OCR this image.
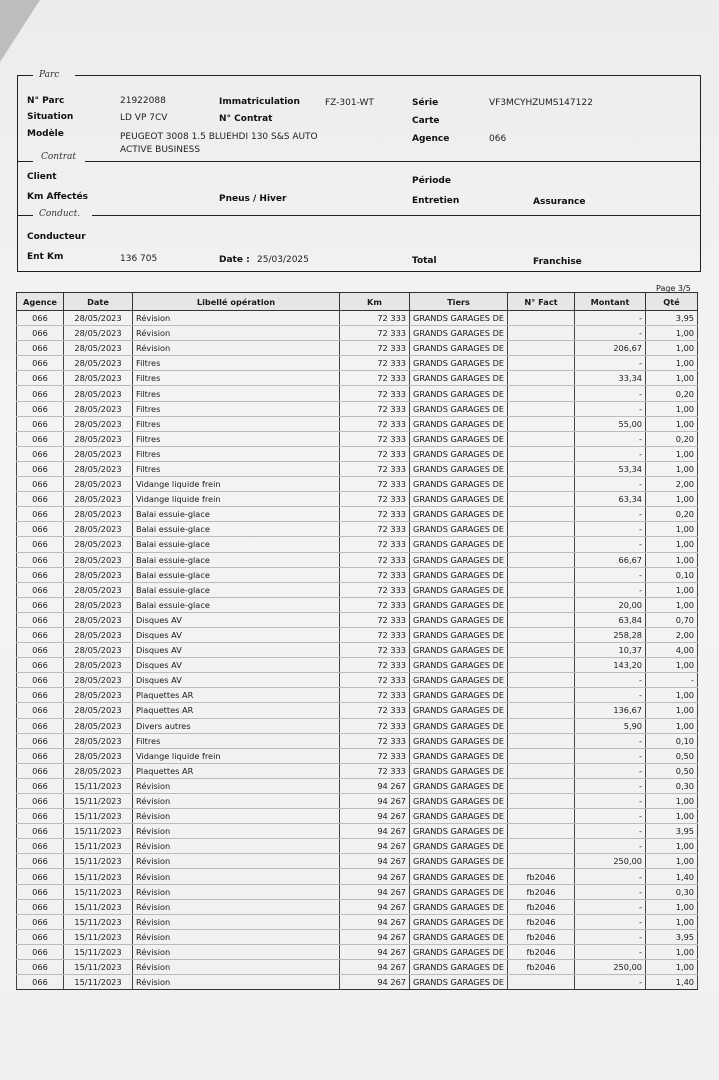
Parc
Contrat
Conduct.
N° Parc	21922088	Immatriculation	FZ-301-WT	Série	VF3MCYHZUMS147122
Situation	LD VP 7CV	N° Contrat	Carte
Modèle	PEUGEOT 3008 1.5 BLUEHDI 130 S&S AUTO
ACTIVE BUSINESS
Agence	066
Client	Période
Km Affectés	Pneus / Hiver	Entretien	Assurance
Conducteur
Ent Km	136 705	Date : 25/03/2025	Total	Franchise
Page 3/5
Agence	Date	Libellé opération	Km	Tiers	N° Fact	Montant	Qté
066	28/05/2023	Révision	72 333	GRANDS GARAGES DE		-	3,95
066	28/05/2023	Révision	72 333	GRANDS GARAGES DE		-	1,00
066	28/05/2023	Révision	72 333	GRANDS GARAGES DE		206,67	1,00
066	28/05/2023	Filtres	72 333	GRANDS GARAGES DE		-	1,00
066	28/05/2023	Filtres	72 333	GRANDS GARAGES DE		33,34	1,00
066	28/05/2023	Filtres	72 333	GRANDS GARAGES DE		-	0,20
066	28/05/2023	Filtres	72 333	GRANDS GARAGES DE		-	1,00
066	28/05/2023	Filtres	72 333	GRANDS GARAGES DE		55,00	1,00
066	28/05/2023	Filtres	72 333	GRANDS GARAGES DE		-	0,20
066	28/05/2023	Filtres	72 333	GRANDS GARAGES DE		-	1,00
066	28/05/2023	Filtres	72 333	GRANDS GARAGES DE		53,34	1,00
066	28/05/2023	Vidange liquide frein	72 333	GRANDS GARAGES DE		-	2,00
066	28/05/2023	Vidange liquide frein	72 333	GRANDS GARAGES DE		63,34	1,00
066	28/05/2023	Balai essuie-glace	72 333	GRANDS GARAGES DE		-	0,20
066	28/05/2023	Balai essuie-glace	72 333	GRANDS GARAGES DE		-	1,00
066	28/05/2023	Balai essuie-glace	72 333	GRANDS GARAGES DE		-	1,00
066	28/05/2023	Balai essuie-glace	72 333	GRANDS GARAGES DE		66,67	1,00
066	28/05/2023	Balai essuie-glace	72 333	GRANDS GARAGES DE		-	0,10
066	28/05/2023	Balai essuie-glace	72 333	GRANDS GARAGES DE		-	1,00
066	28/05/2023	Balai essuie-glace	72 333	GRANDS GARAGES DE		20,00	1,00
066	28/05/2023	Disques AV	72 333	GRANDS GARAGES DE		63,84	0,70
066	28/05/2023	Disques AV	72 333	GRANDS GARAGES DE		258,28	2,00
066	28/05/2023	Disques AV	72 333	GRANDS GARAGES DE		10,37	4,00
066	28/05/2023	Disques AV	72 333	GRANDS GARAGES DE		143,20	1,00
066	28/05/2023	Disques AV	72 333	GRANDS GARAGES DE		-	-
066	28/05/2023	Plaquettes AR	72 333	GRANDS GARAGES DE		-	1,00
066	28/05/2023	Plaquettes AR	72 333	GRANDS GARAGES DE		136,67	1,00
066	28/05/2023	Divers autres	72 333	GRANDS GARAGES DE		5,90	1,00
066	28/05/2023	Filtres	72 333	GRANDS GARAGES DE		-	0,10
066	28/05/2023	Vidange liquide frein	72 333	GRANDS GARAGES DE		-	0,50
066	28/05/2023	Plaquettes AR	72 333	GRANDS GARAGES DE		-	0,50
066	15/11/2023	Révision	94 267	GRANDS GARAGES DE		-	0,30
066	15/11/2023	Révision	94 267	GRANDS GARAGES DE		-	1,00
066	15/11/2023	Révision	94 267	GRANDS GARAGES DE		-	1,00
066	15/11/2023	Révision	94 267	GRANDS GARAGES DE		-	3,95
066	15/11/2023	Révision	94 267	GRANDS GARAGES DE		-	1,00
066	15/11/2023	Révision	94 267	GRANDS GARAGES DE		250,00	1,00
066	15/11/2023	Révision	94 267	GRANDS GARAGES DE	fb2046	-	1,40
066	15/11/2023	Révision	94 267	GRANDS GARAGES DE	fb2046	-	0,30
066	15/11/2023	Révision	94 267	GRANDS GARAGES DE	fb2046	-	1,00
066	15/11/2023	Révision	94 267	GRANDS GARAGES DE	fb2046	-	1,00
066	15/11/2023	Révision	94 267	GRANDS GARAGES DE	fb2046	-	3,95
066	15/11/2023	Révision	94 267	GRANDS GARAGES DE	fb2046	-	1,00
066	15/11/2023	Révision	94 267	GRANDS GARAGES DE	fb2046	250,00	1,00
066	15/11/2023	Révision	94 267	GRANDS GARAGES DE		-	1,40
